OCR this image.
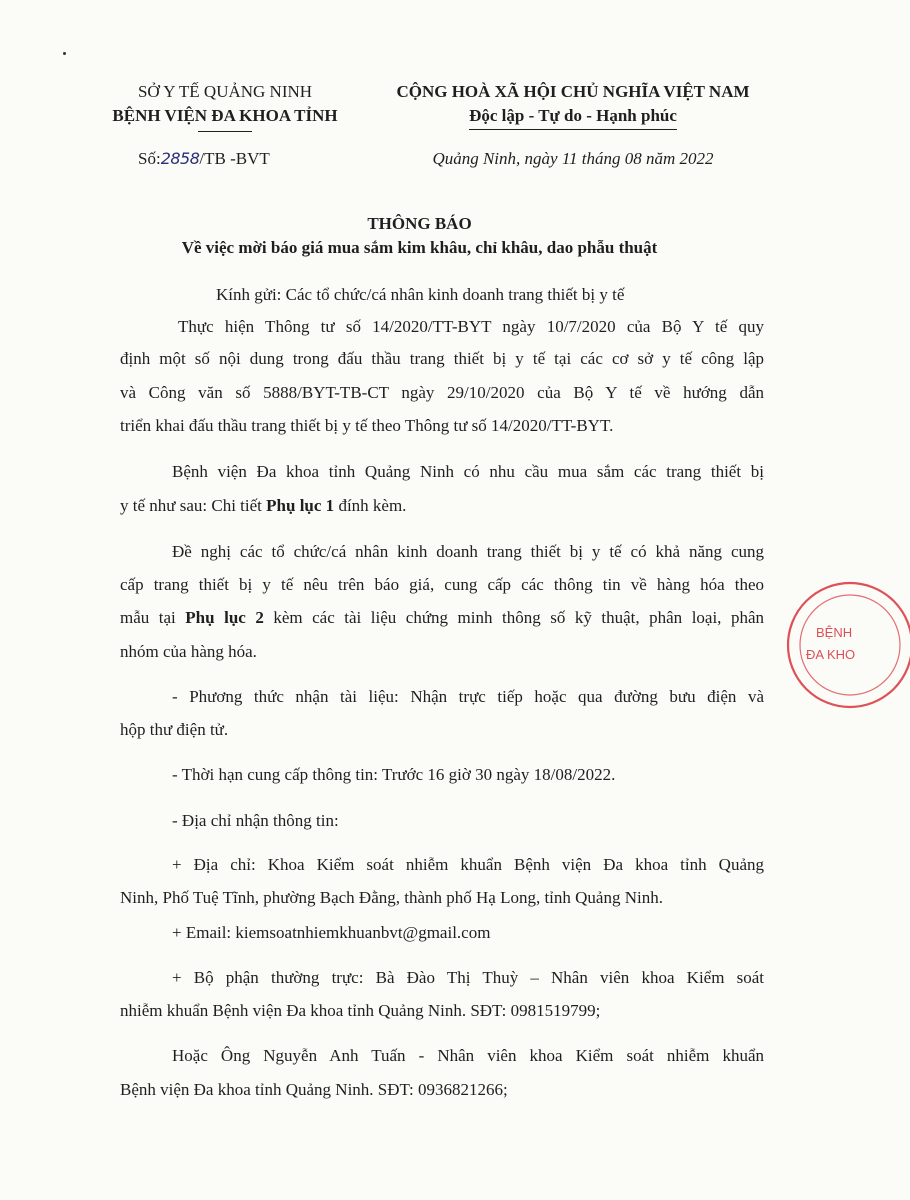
SỞ Y TẾ QUẢNG NINH
BỆNH VIỆN ĐA KHOA TỈNH
CỘNG HOÀ XÃ HỘI CHỦ NGHĨA VIỆT NAM
Độc lập - Tự do - Hạnh phúc
Số:2858/TB -BVT	Quảng Ninh, ngày 11 tháng 08 năm 2022
THÔNG BÁO
Về việc mời báo giá mua sắm kim khâu, chỉ khâu, dao phẫu thuật
Kính gửi: Các tổ chức/cá nhân kinh doanh trang thiết bị y tế
Thực hiện Thông tư số 14/2020/TT-BYT ngày 10/7/2020 của Bộ Y tế quy
định một số nội dung trong đấu thầu trang thiết bị y tế tại các cơ sở y tế công lập
và Công văn số 5888/BYT-TB-CT ngày 29/10/2020 của Bộ Y tế về hướng dẫn
triển khai đấu thầu trang thiết bị y tế theo Thông tư số 14/2020/TT-BYT.
Bệnh viện Đa khoa tỉnh Quảng Ninh có nhu cầu mua sắm các trang thiết bị
y tế như sau: Chi tiết Phụ lục 1 đính kèm.
Đề nghị các tổ chức/cá nhân kinh doanh trang thiết bị y tế có khả năng cung
cấp trang thiết bị y tế nêu trên báo giá, cung cấp các thông tin về hàng hóa theo
mẫu tại Phụ lục 2 kèm các tài liệu chứng minh thông số kỹ thuật, phân loại, phân
nhóm của hàng hóa.
- Phương thức nhận tài liệu: Nhận trực tiếp hoặc qua đường bưu điện và
hộp thư điện tử.
- Thời hạn cung cấp thông tin: Trước 16 giờ 30 ngày 18/08/2022.
- Địa chỉ nhận thông tin:
+ Địa chỉ: Khoa Kiểm soát nhiễm khuẩn Bệnh viện Đa khoa tỉnh Quảng
Ninh, Phố Tuệ Tĩnh, phường Bạch Đằng, thành phố Hạ Long, tỉnh Quảng Ninh.
+ Email: kiemsoatnhiemkhuanbvt@gmail.com
+ Bộ phận thường trực: Bà Đào Thị Thuỳ – Nhân viên khoa Kiểm soát
nhiễm khuẩn Bệnh viện Đa khoa tỉnh Quảng Ninh. SĐT: 0981519799;
Hoặc Ông Nguyễn Anh Tuấn - Nhân viên khoa Kiểm soát nhiễm khuẩn
Bệnh viện Đa khoa tỉnh Quảng Ninh. SĐT: 0936821266;
BỆNH
ĐA KHO
